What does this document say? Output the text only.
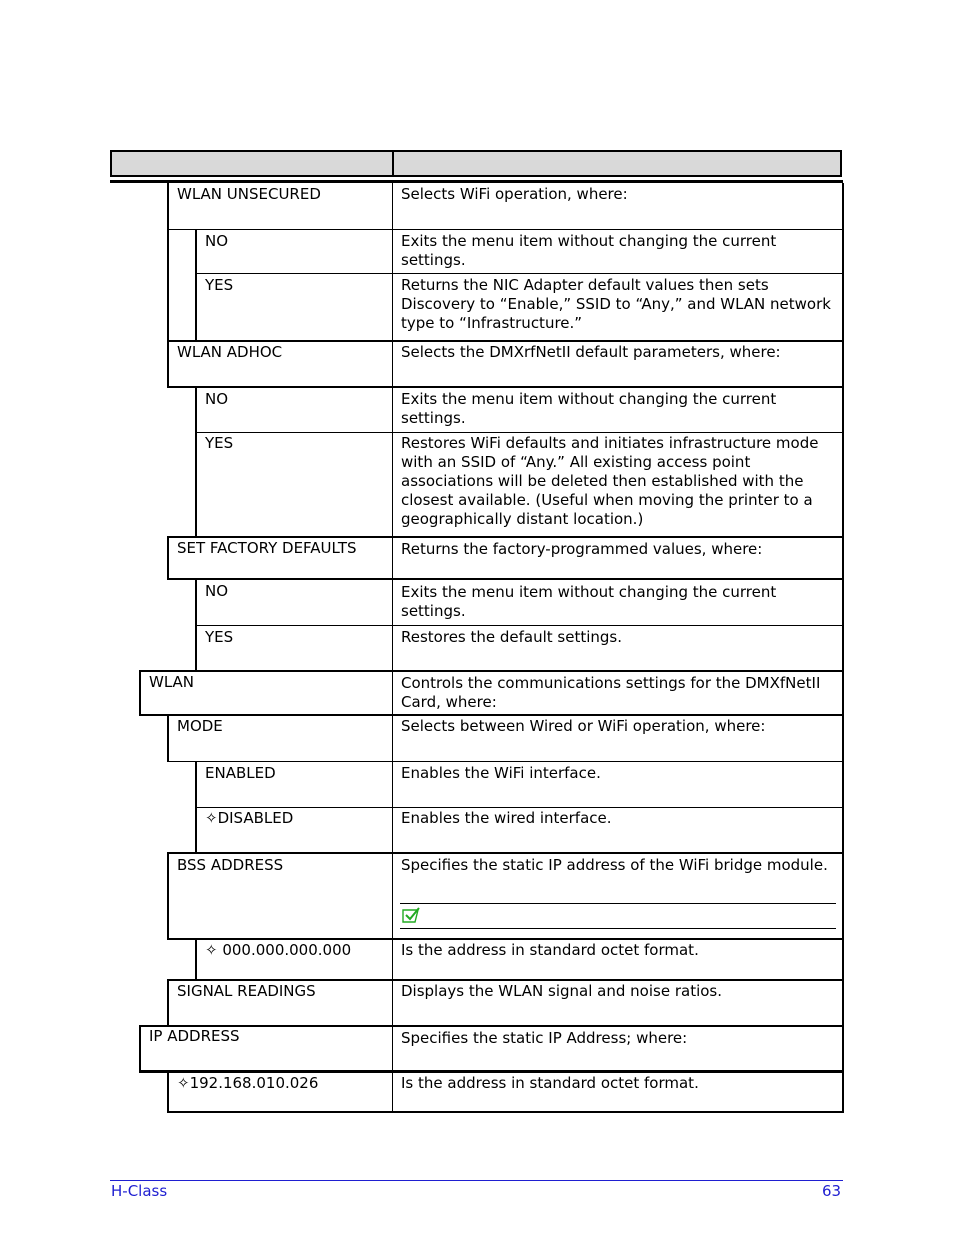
WLAN UNSECURED
NO
YES
WLAN ADHOC
NO
YES
SET FACTORY DEFAULTS
NO
YES
WLAN
MODE
ENABLED
✧DISABLED
BSS ADDRESS
✧ 000.000.000.000
SIGNAL READINGS
IP ADDRESS
✧192.168.010.026
Selects WiFi operation, where:
Exits the menu item without changing the current settings.
Returns the NIC Adapter default values then sets Discovery to “Enable,” SSID to “Any,” and WLAN network type to “Infrastructure.”
Selects the DMXrfNetII default parameters, where:
Exits the menu item without changing the current settings.
Restores WiFi defaults and initiates infrastructure mode with an SSID of “Any.” All existing access point associations will be deleted then established with the closest available. (Useful when moving the printer to a geographically distant location.)
Returns the factory-programmed values, where:
Exits the menu item without changing the current settings.
Restores the default settings.
Controls the communications settings for the DMXfNetII Card, where:
Selects between Wired or WiFi operation, where:
Enables the WiFi interface.
Enables the wired interface.
Specifies the static IP address of the WiFi bridge module.
Is the address in standard octet format.
Displays the WLAN signal and noise ratios.
Specifies the static IP Address; where:
Is the address in standard octet format.
H-Class	63
